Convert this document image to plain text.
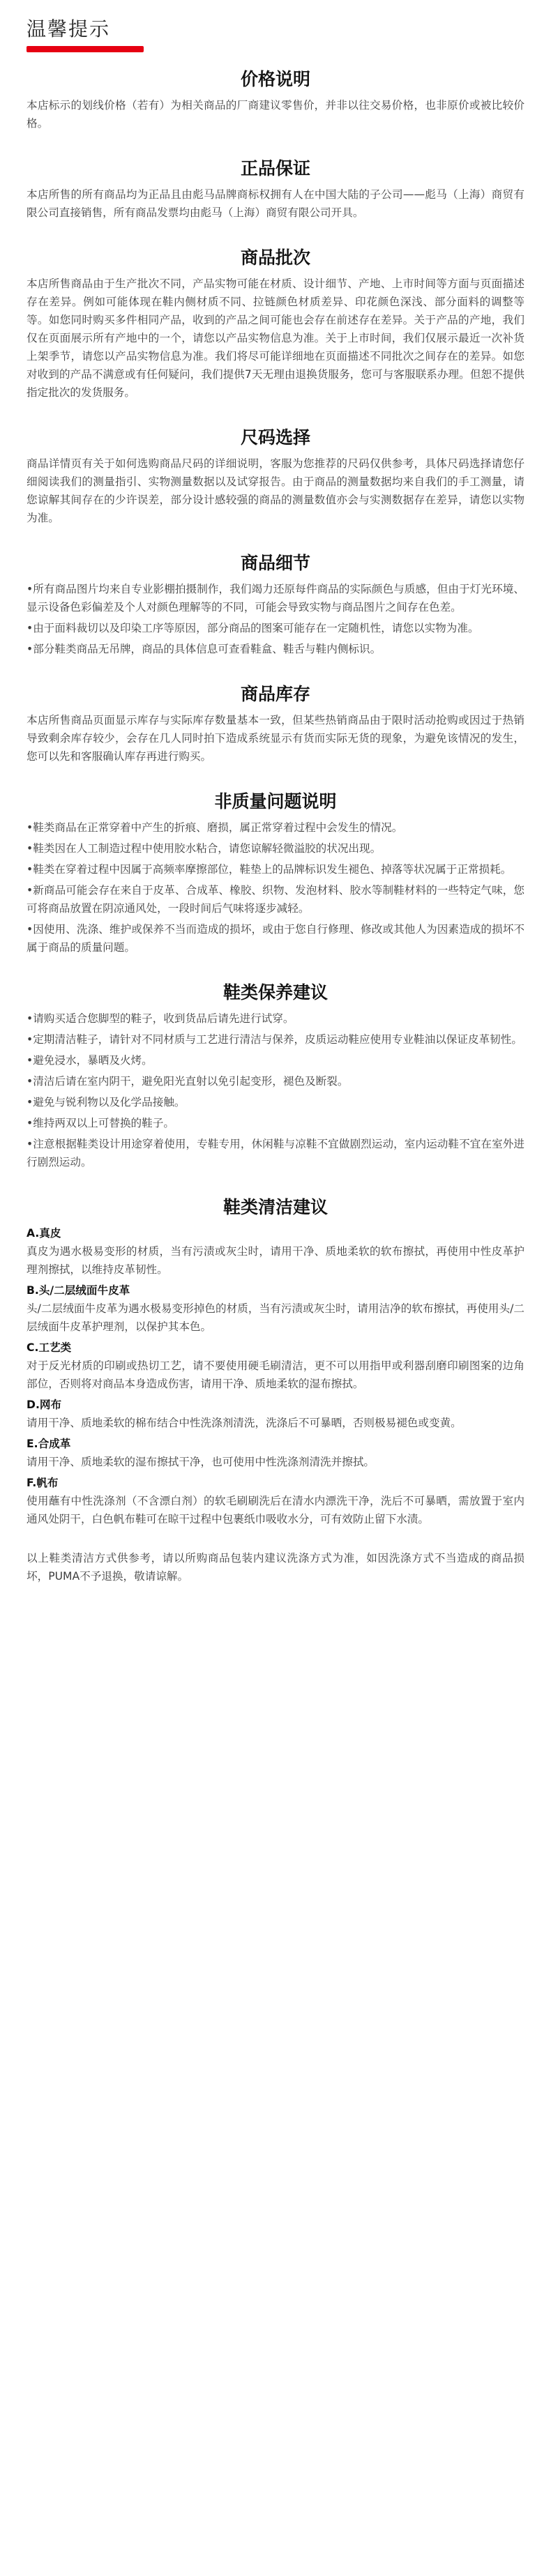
温馨提示
价格说明

本店标示的划线价格（若有）为相关商品的厂商建议零售价，并非以往交易价格，也非原价或被比较价格。

正品保证

本店所售的所有商品均为正品且由彪马品牌商标权拥有人在中国大陆的子公司——彪马（上海）商贸有限公司直接销售，所有商品发票均由彪马（上海）商贸有限公司开具。

商品批次

本店所售商品由于生产批次不同，产品实物可能在材质、设计细节、产地、上市时间等方面与页面描述存在差异。例如可能体现在鞋内侧材质不同、拉链颜色材质差异、印花颜色深浅、部分面料的调整等等。如您同时购买多件相同产品，收到的产品之间可能也会存在前述存在差异。关于产品的产地，我们仅在页面展示所有产地中的一个，请您以产品实物信息为准。关于上市时间，我们仅展示最近一次补货上架季节，请您以产品实物信息为准。我们将尽可能详细地在页面描述不同批次之间存在的差异。如您对收到的产品不满意或有任何疑问，我们提供7天无理由退换货服务，您可与客服联系办理。但恕不提供指定批次的发货服务。

尺码选择

商品详情页有关于如何选购商品尺码的详细说明，客服为您推荐的尺码仅供参考，具体尺码选择请您仔细阅读我们的测量指引、实物测量数据以及试穿报告。由于商品的测量数据均来自我们的手工测量，请您谅解其间存在的少许误差，部分设计感较强的商品的测量数值亦会与实测数据存在差异，请您以实物为准。

商品细节

•所有商品图片均来自专业影棚拍摄制作，我们竭力还原每件商品的实际颜色与质感，但由于灯光环境、显示设备色彩偏差及个人对颜色理解等的不同，可能会导致实物与商品图片之间存在色差。

•由于面料裁切以及印染工序等原因，部分商品的图案可能存在一定随机性，请您以实物为准。

•部分鞋类商品无吊牌，商品的具体信息可查看鞋盒、鞋舌与鞋内侧标识。

商品库存

本店所售商品页面显示库存与实际库存数量基本一致，但某些热销商品由于限时活动抢购或因过于热销导致剩余库存较少，会存在几人同时拍下造成系统显示有货而实际无货的现象，为避免该情况的发生，您可以先和客服确认库存再进行购买。

非质量问题说明

•鞋类商品在正常穿着中产生的折痕、磨损，属正常穿着过程中会发生的情况。

•鞋类因在人工制造过程中使用胶水粘合，请您谅解轻微溢胶的状况出现。

•鞋类在穿着过程中因属于高频率摩擦部位，鞋垫上的品牌标识发生褪色、掉落等状况属于正常损耗。

•新商品可能会存在来自于皮革、合成革、橡胶、织物、发泡材料、胶水等制鞋材料的一些特定气味，您可将商品放置在阴凉通风处，一段时间后气味将逐步减轻。

•因使用、洗涤、维护或保养不当而造成的损坏，或由于您自行修理、修改或其他人为因素造成的损坏不属于商品的质量问题。

鞋类保养建议

•请购买适合您脚型的鞋子，收到货品后请先进行试穿。

•定期清洁鞋子，请针对不同材质与工艺进行清洁与保养，皮质运动鞋应使用专业鞋油以保证皮革韧性。

•避免浸水，暴晒及火烤。

•清洁后请在室内阴干，避免阳光直射以免引起变形，褪色及断裂。

•避免与锐利物以及化学品接触。

•维持两双以上可替换的鞋子。

•注意根据鞋类设计用途穿着使用，专鞋专用，休闲鞋与凉鞋不宜做剧烈运动，室内运动鞋不宜在室外进行剧烈运动。

鞋类清洁建议

A.真皮

真皮为遇水极易变形的材质，当有污渍或灰尘时，请用干净、质地柔软的软布擦拭，再使用中性皮革护理剂擦拭，以维持皮革韧性。

B.头/二层绒面牛皮革

头/二层绒面牛皮革为遇水极易变形掉色的材质，当有污渍或灰尘时，请用洁净的软布擦拭，再使用头/二层绒面牛皮革护理剂，以保护其本色。

C.工艺类

对于反光材质的印刷或热切工艺，请不要使用硬毛刷清洁，更不可以用指甲或利器刮磨印刷图案的边角部位，否则将对商品本身造成伤害，请用干净、质地柔软的湿布擦拭。

D.网布

请用干净、质地柔软的棉布结合中性洗涤剂清洗，洗涤后不可暴晒，否则极易褪色或变黄。

E.合成革

请用干净、质地柔软的湿布擦拭干净，也可使用中性洗涤剂清洗并擦拭。

F.帆布

使用蘸有中性洗涤剂（不含漂白剂）的软毛刷刷洗后在清水内漂洗干净，洗后不可暴晒，需放置于室内通风处阴干，白色帆布鞋可在晾干过程中包裹纸巾吸收水分，可有效防止留下水渍。

以上鞋类清洁方式供参考，请以所购商品包装内建议洗涤方式为准，如因洗涤方式不当造成的商品损坏，PUMA不予退换，敬请谅解。
